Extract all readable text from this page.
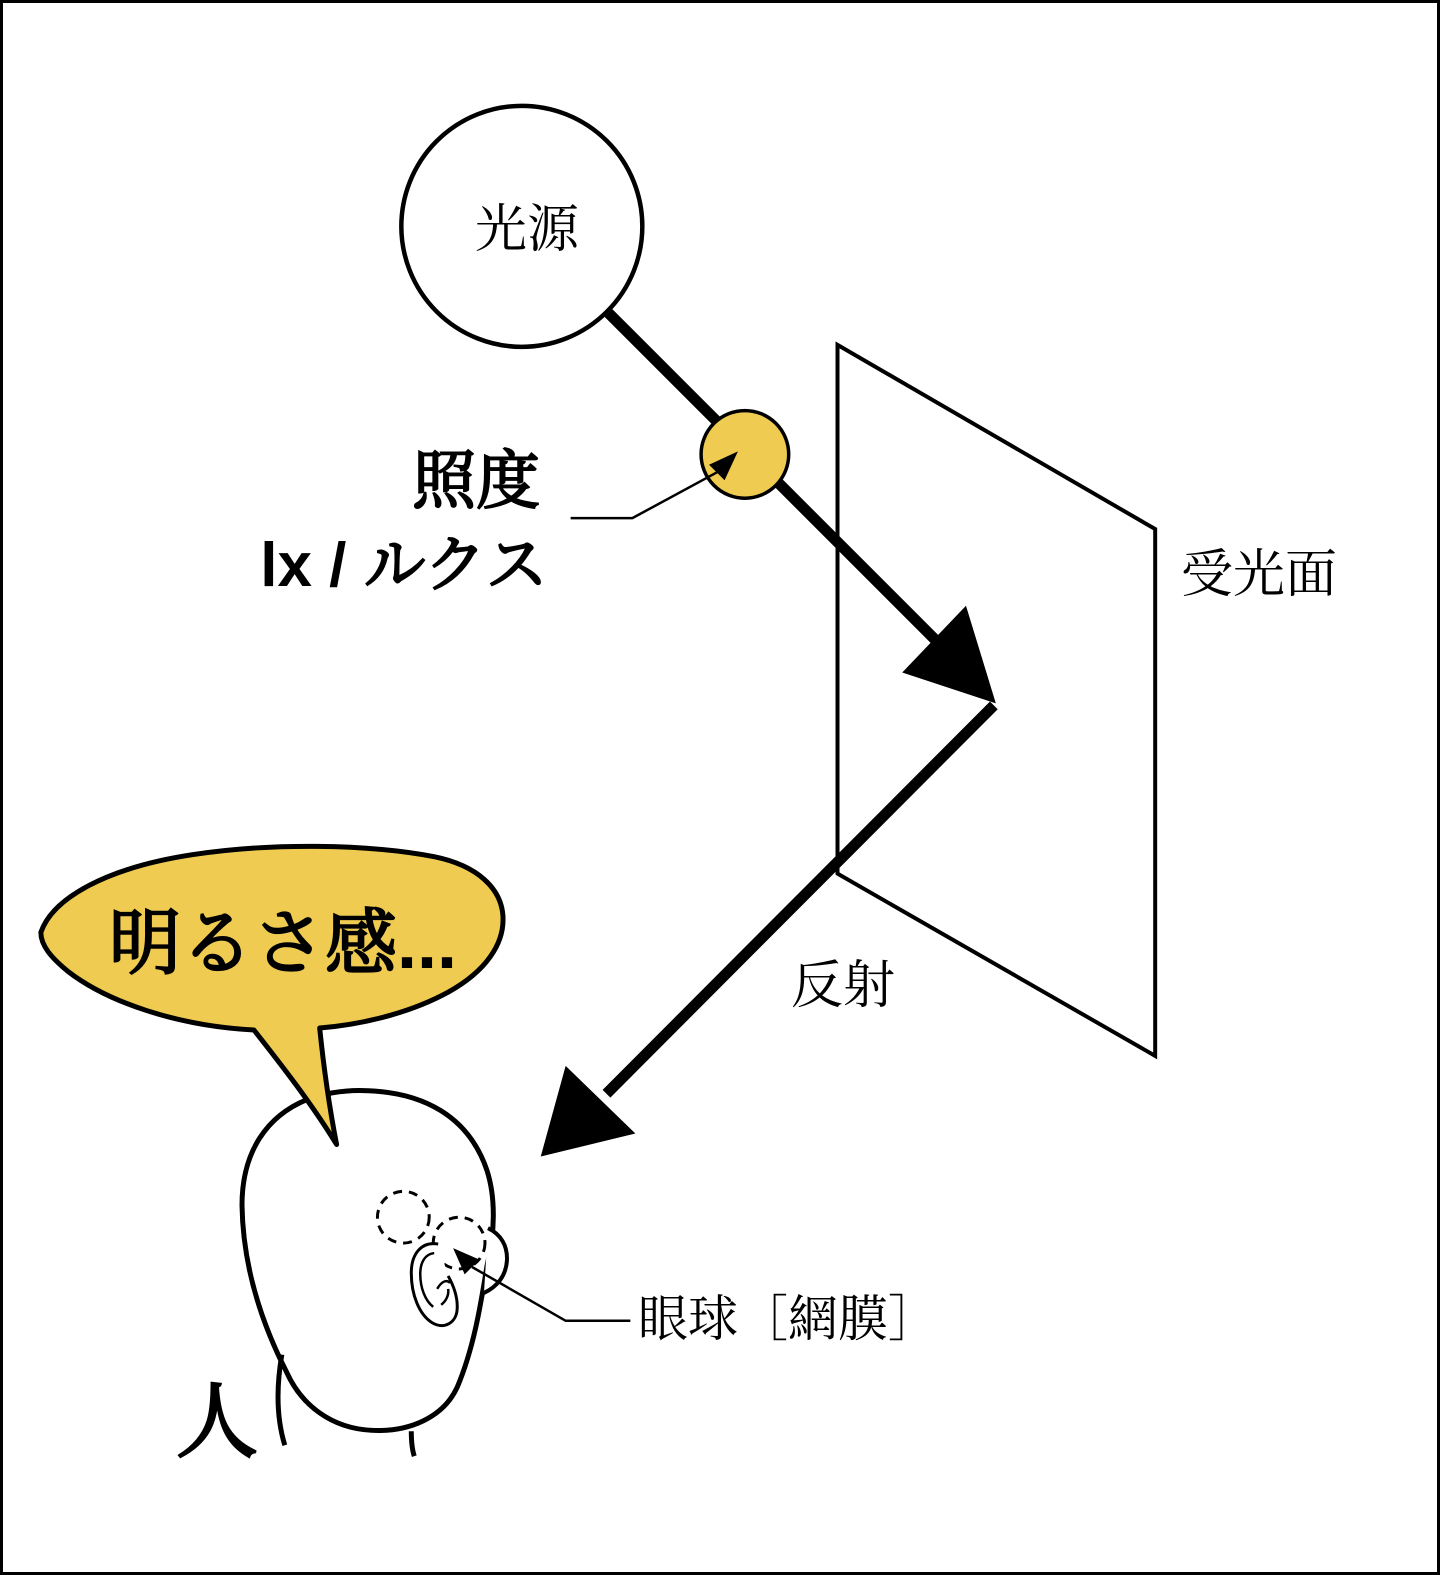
光源
照度
lx / ルクス	受光面
反射
明るさ感...
眼球［網膜］
人
